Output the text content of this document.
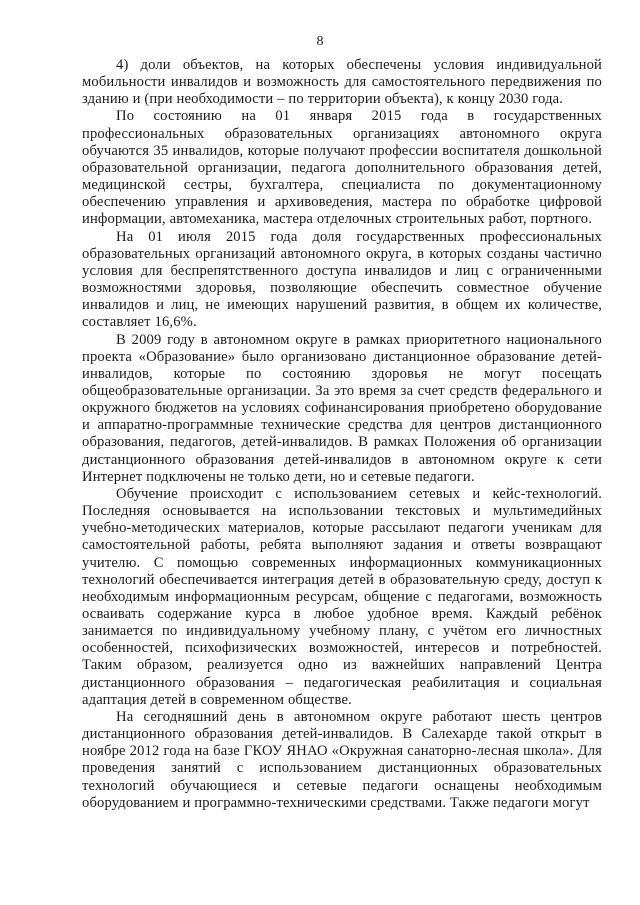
8

4) доли объектов, на которых обеспечены условия индивидуальной мобильности инвалидов и возможность для самостоятельного передвижения по зданию и (при необходимости – по территории объекта), к концу 2030 года.

По состоянию на 01 января 2015 года в государственных профессиональных образовательных организациях автономного округа обучаются 35 инвалидов, которые получают профессии воспитателя дошкольной образовательной организации, педагога дополнительного образования детей, медицинской сестры, бухгалтера, специалиста по документационному обеспечению управления и архивоведения, мастера по обработке цифровой информации, автомеханика, мастера отделочных строительных работ, портного.

На 01 июля 2015 года доля государственных профессиональных образовательных организаций автономного округа, в которых созданы частично условия для беспрепятственного доступа инвалидов и лиц с ограниченными возможностями здоровья, позволяющие обеспечить совместное обучение инвалидов и лиц, не имеющих нарушений развития, в общем их количестве, составляет 16,6%.

В 2009 году в автономном округе в рамках приоритетного национального проекта «Образование» было организовано дистанционное образование детей-инвалидов, которые по состоянию здоровья не могут посещать общеобразовательные организации. За это время за счет средств федерального и окружного бюджетов на условиях софинансирования приобретено оборудование и аппаратно-программные технические средства для центров дистанционного образования, педагогов, детей-инвалидов. В рамках Положения об организации дистанционного образования детей-инвалидов в автономном округе к сети Интернет подключены не только дети, но и сетевые педагоги.

Обучение происходит с использованием сетевых и кейс-технологий. Последняя основывается на использовании текстовых и мультимедийных учебно-методических материалов, которые рассылают педагоги ученикам для самостоятельной работы, ребята выполняют задания и ответы возвращают учителю. С помощью современных информационных коммуникационных технологий обеспечивается интеграция детей в образовательную среду, доступ к необходимым информационным ресурсам, общение с педагогами, возможность осваивать содержание курса в любое удобное время. Каждый ребёнок занимается по индивидуальному учебному плану, с учётом его личностных особенностей, психофизических возможностей, интересов и потребностей. Таким образом, реализуется одно из важнейших направлений Центра дистанционного образования – педагогическая реабилитация и социальная адаптация детей в современном обществе.

На сегодняшний день в автономном округе работают шесть центров дистанционного образования детей-инвалидов. В Салехарде такой открыт в ноябре 2012 года на базе ГКОУ ЯНАО «Окружная санаторно-лесная школа». Для проведения занятий с использованием дистанционных образовательных технологий обучающиеся и сетевые педагоги оснащены необходимым оборудованием и программно-техническими средствами. Также педагоги могут
